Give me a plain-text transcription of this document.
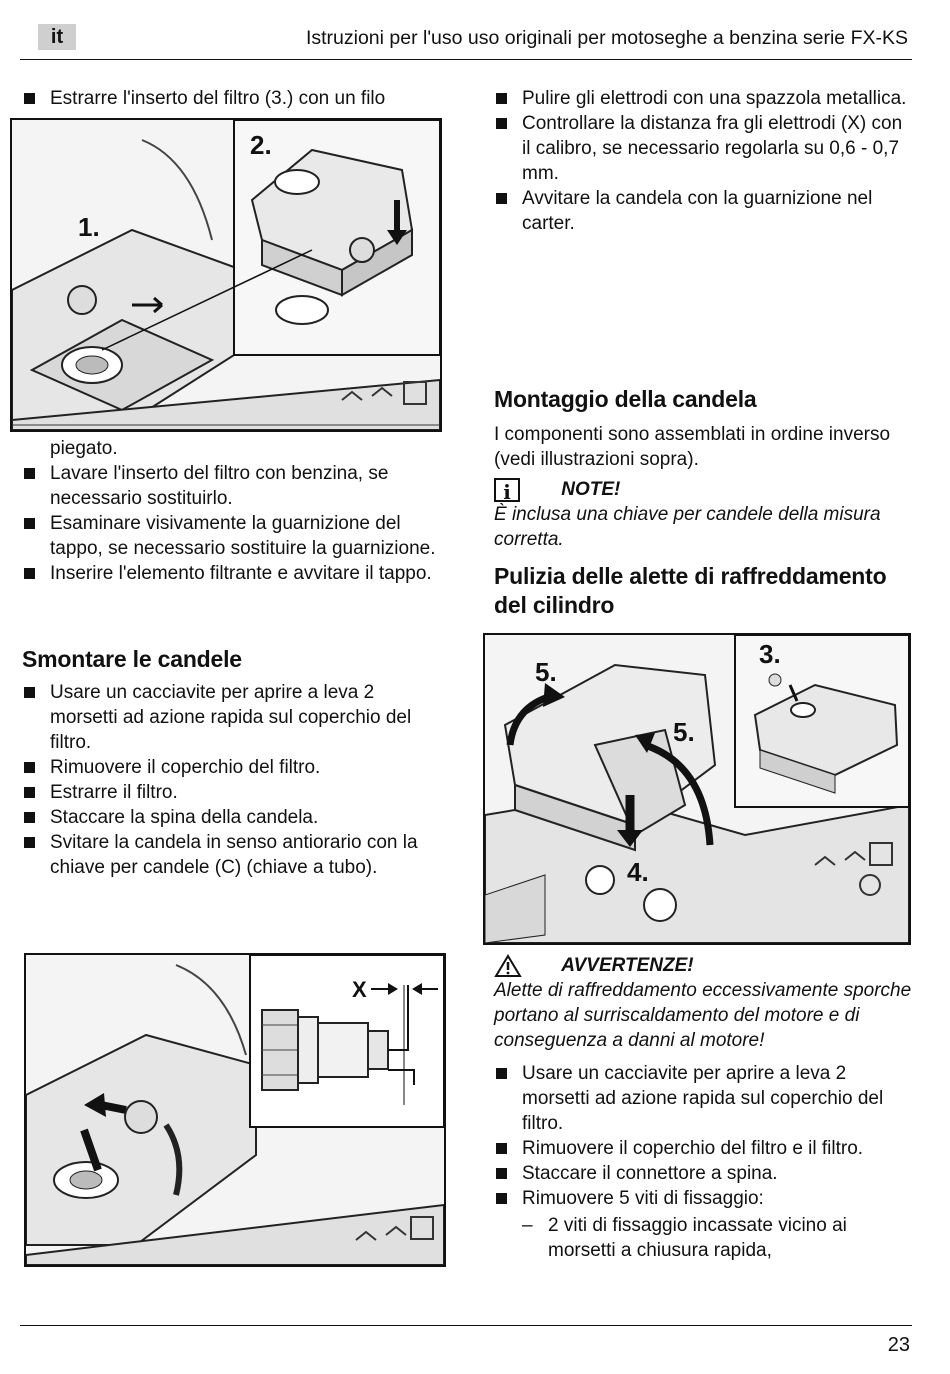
it	Istruzioni per l'uso uso originali per motoseghe a benzina serie FX-KS
Estrarre l'inserto del filtro (3.) con un filo
1.
2.

piegato.

Lavare l'inserto del filtro con benzina, se necessario sostituirlo.
Esaminare visivamente la guarnizione del tappo, se necessario sostituire la guarnizione.
Inserire l'elemento filtrante e avvitare il tappo.
Smontare le candele
Usare un cacciavite per aprire a leva 2 morsetti ad azione rapida sul coperchio del filtro.
Rimuovere il coperchio del filtro.
Estrarre il filtro.
Staccare la spina della candela.
Svitare la candela in senso antiorario con la chiave per candele (C) (chiave a tubo).
X
Pulire gli elettrodi con una spazzola metallica.
Controllare la distanza fra gli elettrodi (X) con il calibro, se necessario regolarla su 0,6 - 0,7 mm.
Avvitare la candela con la guarnizione nel carter.
Montaggio della candela

I componenti sono assemblati in ordine inverso (vedi illustrazioni sopra).

i	NOTE!

È inclusa una chiave per candele della misura corretta.

Pulizia delle alette di raffreddamento del cilindro
5.
3.
5.
4.
AVVERTENZE!

Alette di raffreddamento eccessivamente sporche portano al surriscaldamento del motore e di conseguenza a danni al motore!

Usare un cacciavite per aprire a leva 2 morsetti ad azione rapida sul coperchio del filtro.
Rimuovere il coperchio del filtro e il filtro.
Staccare il connettore a spina.
Rimuovere 5 viti di fissaggio:
– 2 viti di fissaggio incassate vicino ai morsetti a chiusura rapida,
23
